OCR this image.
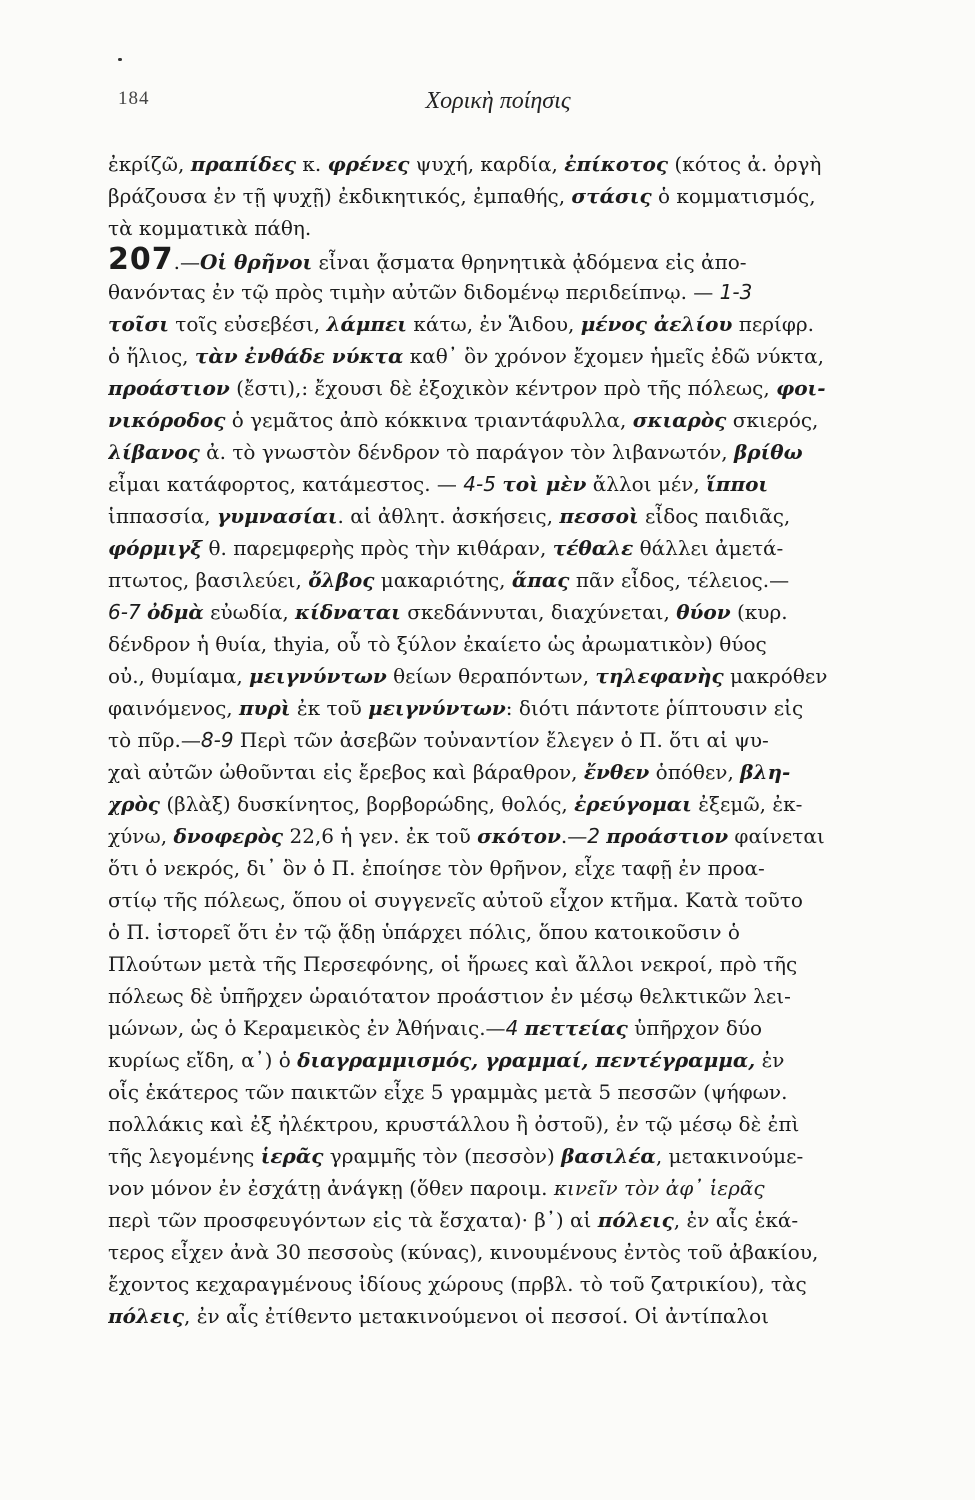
184	Χορικὴ ποίησις
ἐκρίζῶ, πραπίδες κ. φρένες ψυχή, καρδία, ἐπίκοτος (κότος ἀ. ὀργὴ
βράζουσα ἐν τῇ ψυχῇ) ἐκδικητικός, ἐμπαθής, στάσις ὁ κομματισμός,
τὰ κομματικὰ πάθη.
207.—Οἱ θρῆνοι εἶναι ᾄσματα θρηνητικὰ ᾀδόμενα εἰς ἀπο-
θανόντας ἐν τῷ πρὸς τιμὴν αὐτῶν διδομένῳ περιδείπνῳ. — 1-3
τοῖσι τοῖς εὐσεβέσι, λάμπει κάτω, ἐν Ἅιδου, μένος ἀελίου περίφρ.
ὁ ἥλιος, τὰν ἐνθάδε νύκτα καθ᾽ ὃν χρόνον ἔχομεν ἡμεῖς ἐδῶ νύκτα,
προάστιον (ἔστι),: ἔχουσι δὲ ἐξοχικὸν κέντρον πρὸ τῆς πόλεως, φοι-
νικόροδος ὁ γεμᾶτος ἀπὸ κόκκινα τριαντάφυλλα, σκιαρὸς σκιερός,
λίβανος ἀ. τὸ γνωστὸν δένδρον τὸ παράγον τὸν λιβανωτόν, βρίθω
εἶμαι κατάφορτος, κατάμεστος. — 4-5 τοὶ μὲν ἄλλοι μέν, ἵπποι
ἱππασσία, γυμνασίαι. αἱ ἀθλητ. ἀσκήσεις, πεσσοὶ εἶδος παιδιᾶς,
φόρμιγξ θ. παρεμφερὴς πρὸς τὴν κιθάραν, τέθαλε θάλλει ἀμετά-
πτωτος, βασιλεύει, ὄλβος μακαριότης, ἅπας πᾶν εἶδος, τέλειος.—
6-7 ὀδμὰ εὐωδία, κίδναται σκεδάννυται, διαχύνεται, θύον (κυρ.
δένδρον ἡ θυία, thyia, οὗ τὸ ξύλον ἐκαίετο ὡς ἀρωματικὸν) θύος
οὐ., θυμίαμα, μειγνύντων θείων θεραπόντων, τηλεφανὴς μακρόθεν
φαινόμενος, πυρὶ ἐκ τοῦ μειγνύντων: διότι πάντοτε ῥίπτουσιν εἰς
τὸ πῦρ.—8-9 Περὶ τῶν ἀσεβῶν τοὐναντίον ἔλεγεν ὁ Π. ὅτι αἱ ψυ-
χαὶ αὐτῶν ὠθοῦνται εἰς ἔρεβος καὶ βάραθρον, ἔνθεν ὁπόθεν, βλη-
χρὸς (βλὰξ) δυσκίνητος, βορβορώδης, θολός, ἐρεύγομαι ἐξεμῶ, ἐκ-
χύνω, δνοφερὸς 22,6 ἡ γεν. ἐκ τοῦ σκότον.—2 προάστιον φαίνεται
ὅτι ὁ νεκρός, δι᾽ ὃν ὁ Π. ἐποίησε τὸν θρῆνον, εἶχε ταφῇ ἐν προα-
στίῳ τῆς πόλεως, ὅπου οἱ συγγενεῖς αὐτοῦ εἶχον κτῆμα. Κατὰ τοῦτο
ὁ Π. ἱστορεῖ ὅτι ἐν τῷ ᾅδῃ ὑπάρχει πόλις, ὅπου κατοικοῦσιν ὁ
Πλούτων μετὰ τῆς Περσεφόνης, οἱ ἥρωες καὶ ἄλλοι νεκροί, πρὸ τῆς
πόλεως δὲ ὑπῆρχεν ὡραιότατον προάστιον ἐν μέσῳ θελκτικῶν λει-
μώνων, ὡς ὁ Κεραμεικὸς ἐν Ἀθήναις.—4 πεττείας ὑπῆρχον δύο
κυρίως εἴδη, α᾽) ὁ διαγραμμισμός, γραμμαί, πεντέγραμμα, ἐν
οἷς ἑκάτερος τῶν παικτῶν εἶχε 5 γραμμὰς μετὰ 5 πεσσῶν (ψήφων.
πολλάκις καὶ ἐξ ἠλέκτρου, κρυστάλλου ἢ ὀστοῦ), ἐν τῷ μέσῳ δὲ ἐπὶ
τῆς λεγομένης ἱερᾶς γραμμῆς τὸν (πεσσὸν) βασιλέα, μετακινούμε-
νον μόνον ἐν ἐσχάτῃ ἀνάγκῃ (ὅθεν παροιμ. κινεῖν τὸν ἀφ᾽ ἱερᾶς
περὶ τῶν προσφευγόντων εἰς τὰ ἔσχατα)· β᾽) αἱ πόλεις, ἐν αἷς ἑκά-
τερος εἶχεν ἀνὰ 30 πεσσοὺς (κύνας), κινουμένους ἐντὸς τοῦ ἀβακίου,
ἔχοντος κεχαραγμένους ἰδίους χώρους (πρβλ. τὸ τοῦ ζατρικίου), τὰς
πόλεις, ἐν αἷς ἐτίθεντο μετακινούμενοι οἱ πεσσοί. Οἱ ἀντίπαλοι
